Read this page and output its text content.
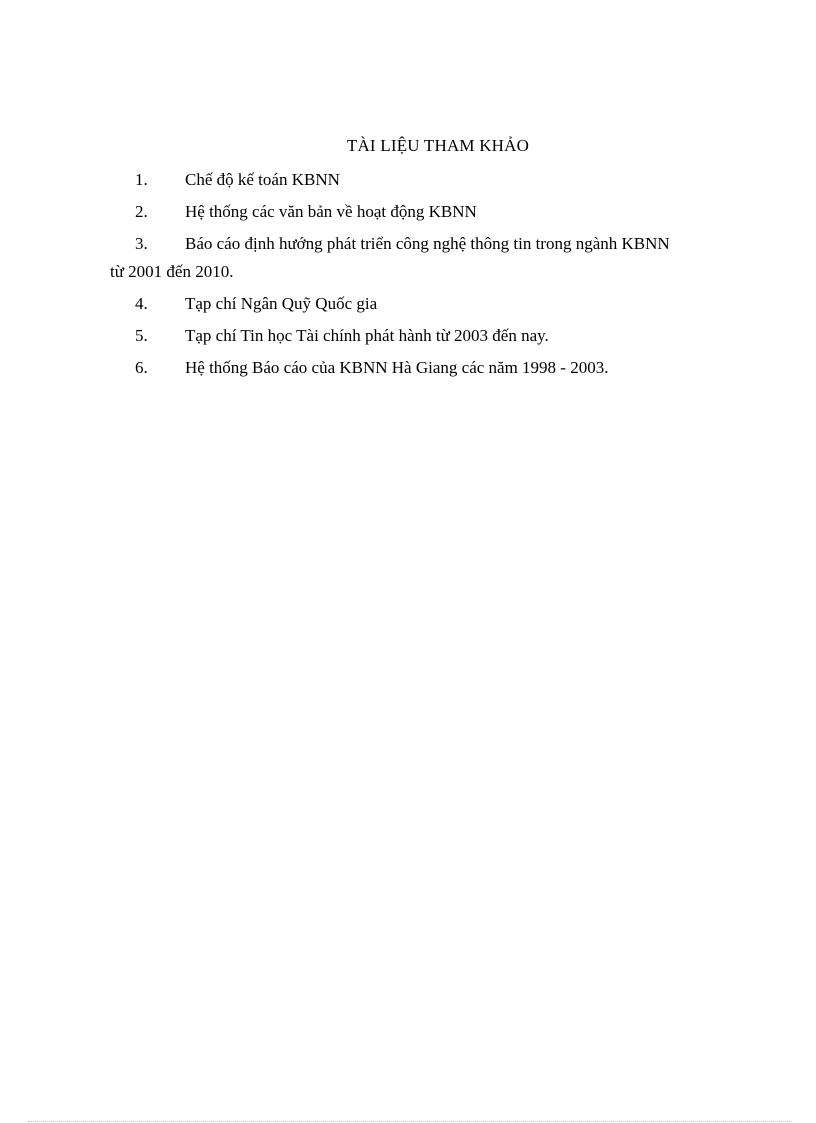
TÀI LIỆU THAM KHẢO
1. Chế độ kế toán KBNN
2. Hệ thống các văn bản về hoạt động KBNN
3. Báo cáo định hướng phát triển công nghệ thông tin trong ngành KBNN
từ 2001 đến 2010.
4. Tạp chí Ngân Quỹ Quốc gia
5. Tạp chí Tin học Tài chính phát hành từ 2003 đến nay.
6. Hệ thống Báo cáo của KBNN Hà Giang các năm 1998 - 2003.
